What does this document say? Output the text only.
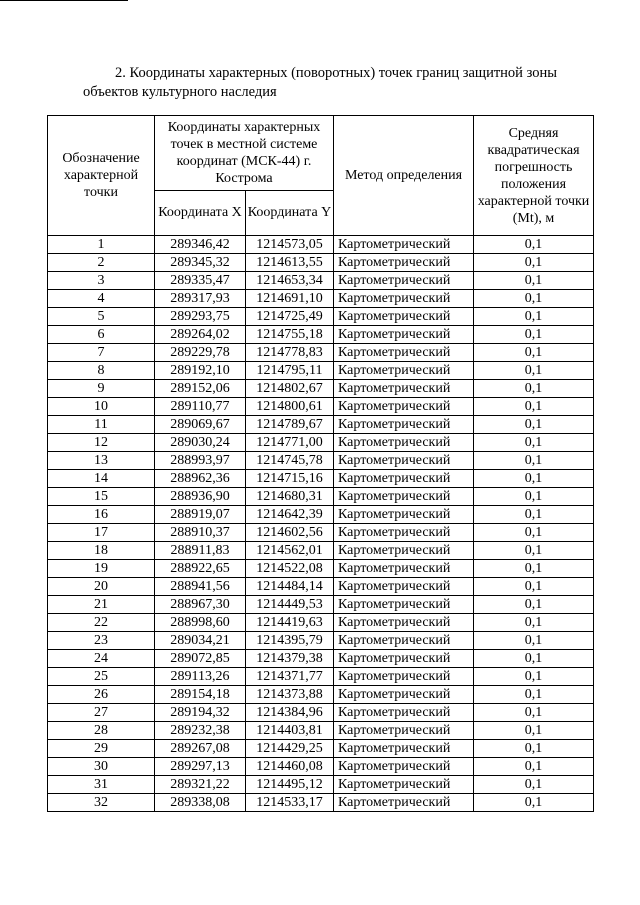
2. Координаты характерных (поворотных) точек границ защитной зоны
объектов культурного наследия
Обозначение характерной точки	Координаты характерных точек в местной системе координат (МСК-44) г. Кострома		Метод определения	Средняя квадратическая погрешность положения характерной точки (Mt), м
	Координата X	Координата Y		
1	289346,42	1214573,05	Картометрический	0,1
2	289345,32	1214613,55	Картометрический	0,1
3	289335,47	1214653,34	Картометрический	0,1
4	289317,93	1214691,10	Картометрический	0,1
5	289293,75	1214725,49	Картометрический	0,1
6	289264,02	1214755,18	Картометрический	0,1
7	289229,78	1214778,83	Картометрический	0,1
8	289192,10	1214795,11	Картометрический	0,1
9	289152,06	1214802,67	Картометрический	0,1
10	289110,77	1214800,61	Картометрический	0,1
11	289069,67	1214789,67	Картометрический	0,1
12	289030,24	1214771,00	Картометрический	0,1
13	288993,97	1214745,78	Картометрический	0,1
14	288962,36	1214715,16	Картометрический	0,1
15	288936,90	1214680,31	Картометрический	0,1
16	288919,07	1214642,39	Картометрический	0,1
17	288910,37	1214602,56	Картометрический	0,1
18	288911,83	1214562,01	Картометрический	0,1
19	288922,65	1214522,08	Картометрический	0,1
20	288941,56	1214484,14	Картометрический	0,1
21	288967,30	1214449,53	Картометрический	0,1
22	288998,60	1214419,63	Картометрический	0,1
23	289034,21	1214395,79	Картометрический	0,1
24	289072,85	1214379,38	Картометрический	0,1
25	289113,26	1214371,77	Картометрический	0,1
26	289154,18	1214373,88	Картометрический	0,1
27	289194,32	1214384,96	Картометрический	0,1
28	289232,38	1214403,81	Картометрический	0,1
29	289267,08	1214429,25	Картометрический	0,1
30	289297,13	1214460,08	Картометрический	0,1
31	289321,22	1214495,12	Картометрический	0,1
32	289338,08	1214533,17	Картометрический	0,1
